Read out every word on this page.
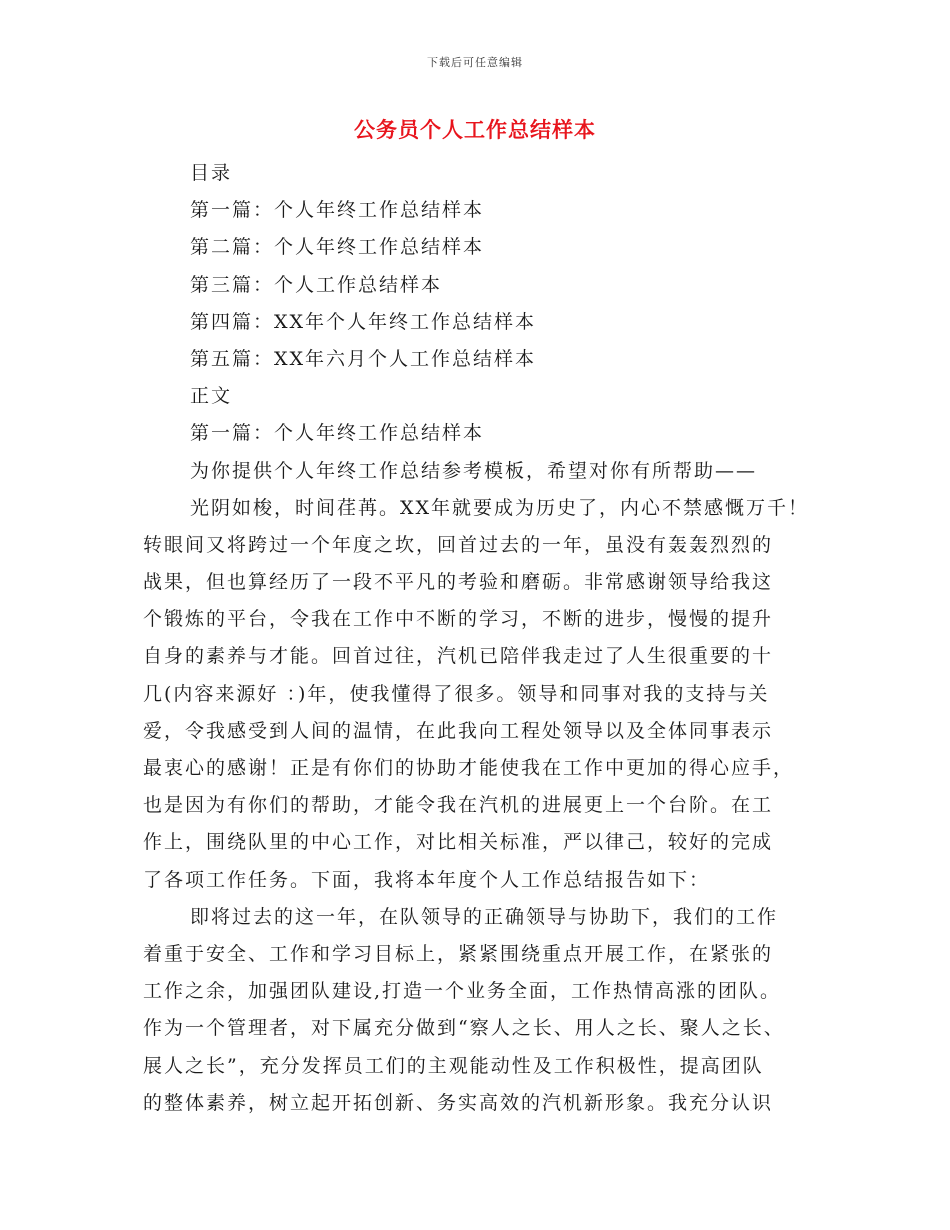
下载后可任意编辑
公务员个人工作总结样本
目录
第一篇：个人年终工作总结样本
第二篇：个人年终工作总结样本
第三篇：个人工作总结样本
第四篇：XX年个人年终工作总结样本
第五篇：XX年六月个人工作总结样本
正文
第一篇：个人年终工作总结样本
为你提供个人年终工作总结参考模板，希望对你有所帮助——
光阴如梭，时间荏苒。XX年就要成为历史了，内心不禁感慨万千！
转眼间又将跨过一个年度之坎，回首过去的一年，虽没有轰轰烈烈的
战果，但也算经历了一段不平凡的考验和磨砺。非常感谢领导给我这
个锻炼的平台，令我在工作中不断的学习，不断的进步，慢慢的提升
自身的素养与才能。回首过往，汽机已陪伴我走过了人生很重要的十
几(内容来源好 ：)年，使我懂得了很多。领导和同事对我的支持与关
爱，令我感受到人间的温情，在此我向工程处领导以及全体同事表示
最衷心的感谢！正是有你们的协助才能使我在工作中更加的得心应手，
也是因为有你们的帮助，才能令我在汽机的进展更上一个台阶。在工
作上，围绕队里的中心工作，对比相关标准，严以律己，较好的完成
了各项工作任务。下面，我将本年度个人工作总结报告如下：
即将过去的这一年，在队领导的正确领导与协助下，我们的工作
着重于安全、工作和学习目标上，紧紧围绕重点开展工作，在紧张的
工作之余，加强团队建设,打造一个业务全面，工作热情高涨的团队。
作为一个管理者，对下属充分做到“察人之长、用人之长、聚人之长、
展人之长”，充分发挥员工们的主观能动性及工作积极性，提高团队
的整体素养，树立起开拓创新、务实高效的汽机新形象。我充分认识
